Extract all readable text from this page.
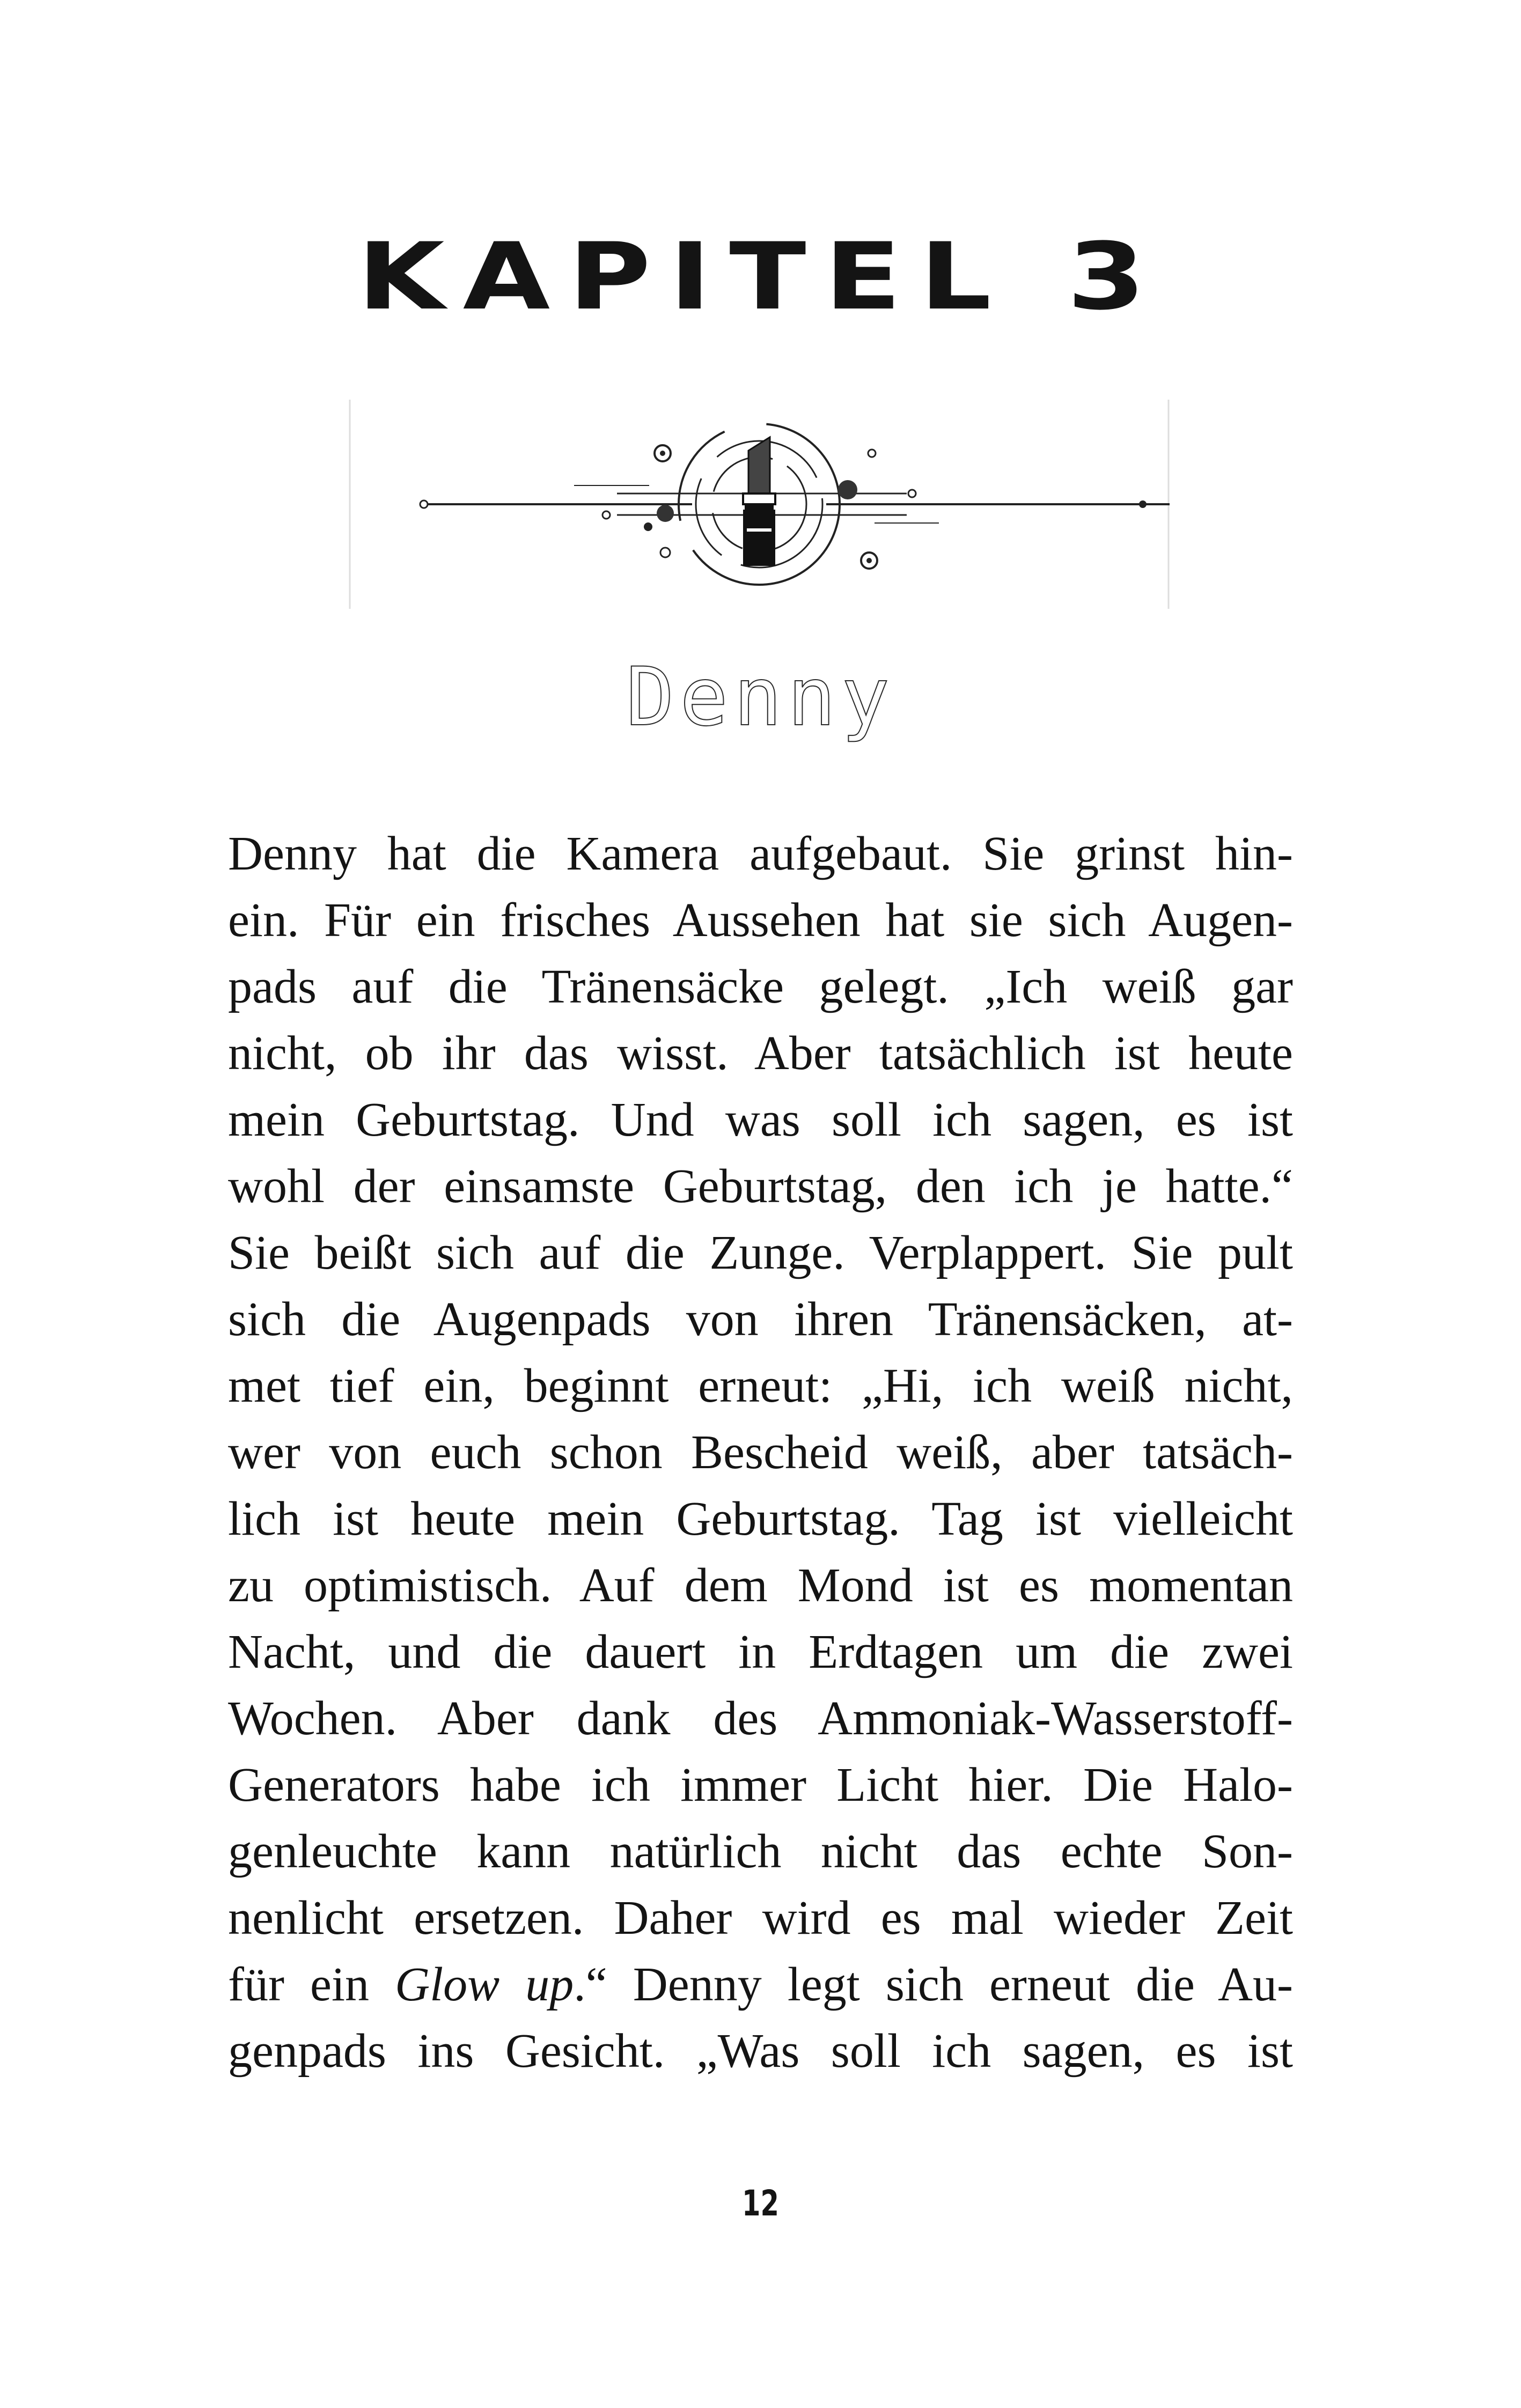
KAPITEL 3
Denny
Denny hat die Kamera aufgebaut. Sie grinst hin-
ein. Für ein frisches Aussehen hat sie sich Augen-
pads auf die Tränensäcke gelegt. „Ich weiß gar
nicht, ob ihr das wisst. Aber tatsächlich ist heute
mein Geburtstag. Und was soll ich sagen, es ist
wohl der einsamste Geburtstag, den ich je hatte.“
Sie beißt sich auf die Zunge. Verplappert. Sie pult
sich die Augenpads von ihren Tränensäcken, at-
met tief ein, beginnt erneut: „Hi, ich weiß nicht,
wer von euch schon Bescheid weiß, aber tatsäch-
lich ist heute mein Geburtstag. Tag ist vielleicht
zu optimistisch. Auf dem Mond ist es momentan
Nacht, und die dauert in Erdtagen um die zwei
Wochen. Aber dank des Ammoniak-Wasserstoff-
Generators habe ich immer Licht hier. Die Halo-
genleuchte kann natürlich nicht das echte Son-
nenlicht ersetzen. Daher wird es mal wieder Zeit
für ein Glow up.“ Denny legt sich erneut die Au-
genpads ins Gesicht. „Was soll ich sagen, es ist
12
